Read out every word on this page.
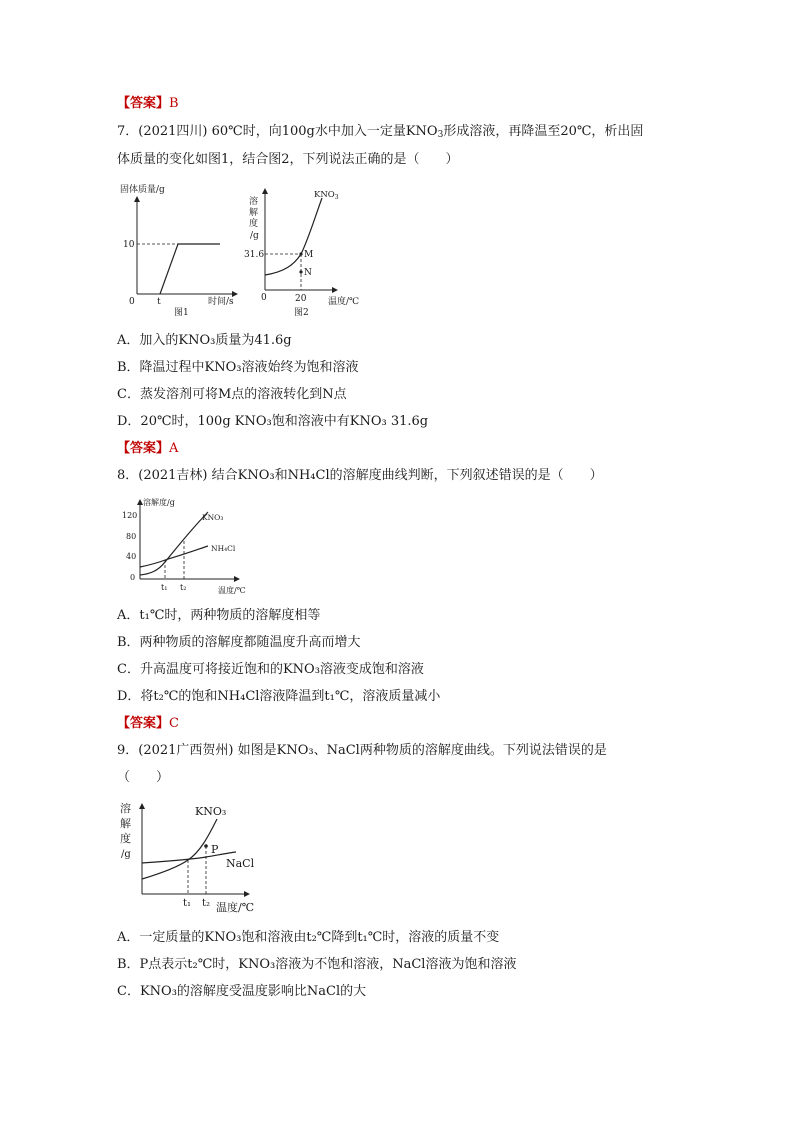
【答案】B
7．(2021四川) 60℃时，向100g水中加入一定量$KNO_3$形成溶液，再降温至20℃，析出固
体质量的变化如图1，结合图2，下列说法正确的是（　　）
固体质量/g
10
0 t	时间/s
图1
溶
解
度
/g
$KNO_3$
M
N
31.6
0	20 温度/℃
图2
A．加入的KNO₃质量为41.6g
B．降温过程中KNO₃溶液始终为饱和溶液
C．蒸发溶剂可将M点的溶液转化到N点
D．20℃时，100g KNO₃饱和溶液中有KNO₃ 31.6g
【答案】A
8．(2021吉林) 结合KNO₃和NH₄Cl的溶解度曲线判断，下列叙述错误的是（　　）
溶解度/g
120
80
40
0
KNO₃
NH₄Cl
t₁ t₂	温度/℃
A．t₁℃时，两种物质的溶解度相等
B．两种物质的溶解度都随温度升高而增大
C．升高温度可将接近饱和的KNO₃溶液变成饱和溶液
D．将t₂℃的饱和NH₄Cl溶液降温到t₁℃，溶液质量减小
【答案】C
9．(2021广西贺州) 如图是KNO₃、NaCl两种物质的溶解度曲线。下列说法错误的是
（　　）
溶
解
度
/g	P
KNO₃
NaCl
t₁ t₂ 温度/℃
A．一定质量的KNO₃饱和溶液由t₂℃降到t₁℃时，溶液的质量不变
B．P点表示t₂℃时，KNO₃溶液为不饱和溶液，NaCl溶液为饱和溶液
C．KNO₃的溶解度受温度影响比NaCl的大
